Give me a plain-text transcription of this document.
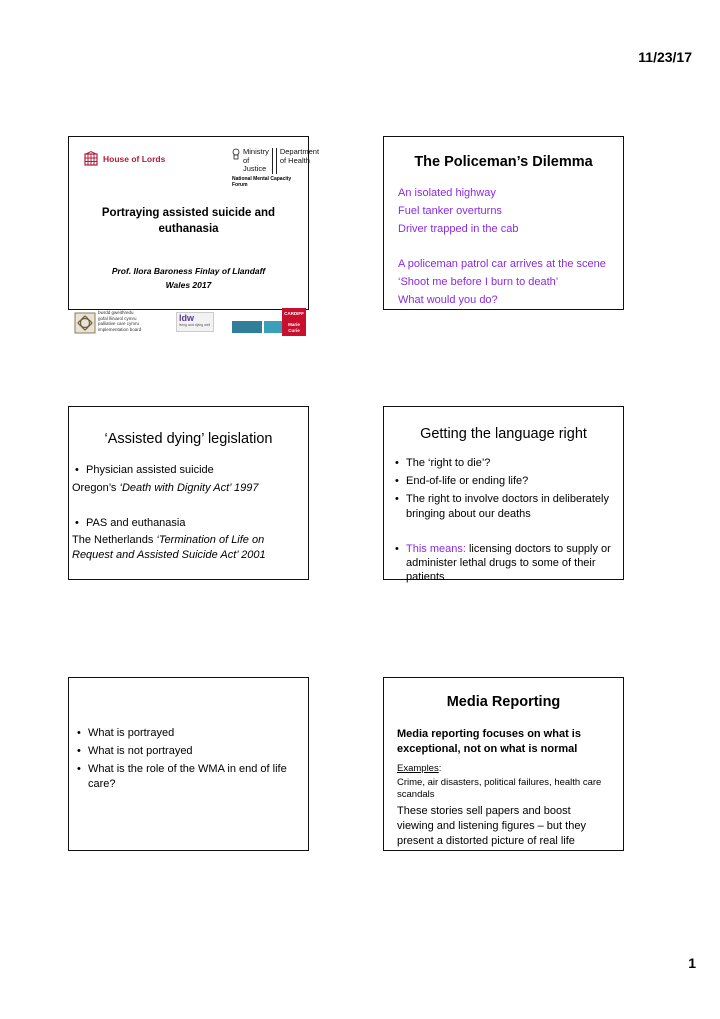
11/23/17
House of Lords
Ministry
of Justice
Department
of Health
National Mental Capacity
Forum
Portraying assisted suicide and
euthanasia
Prof. Ilora Baroness Finlay of Llandaff
Wales 2017
bwrdd gweithredu
gofal lliniarol cymru
palliative care cymru
implementation board
ldw
living and dying well
CARDIFF
Marie Curie
The Policeman’s Dilemma
An isolated highway
Fuel tanker overturns
Driver trapped in the cab
A policeman patrol car arrives at the scene
‘Shoot me before I burn to death’
What would you do?
‘Assisted dying’ legislation
• Physician assisted suicide
Oregon’s ‘Death with Dignity Act’ 1997
• PAS and euthanasia
The Netherlands ‘Termination of Life on
Request and Assisted Suicide Act’ 2001
Getting the language right
• The ‘right to die’?
• End-of-life or ending life?
• The right to involve doctors in deliberately
bringing about our deaths
• This means: licensing doctors to supply or
administer lethal drugs to some of their
patients
• What is portrayed
• What is not portrayed
• What is the role of the WMA in end of life
care?
Media Reporting
Media reporting focuses on what is
exceptional, not on what is normal
Examples:
Crime, air disasters, political failures, health care
scandals
These stories sell papers and boost
viewing and listening figures – but they
present a distorted picture of real life
1
